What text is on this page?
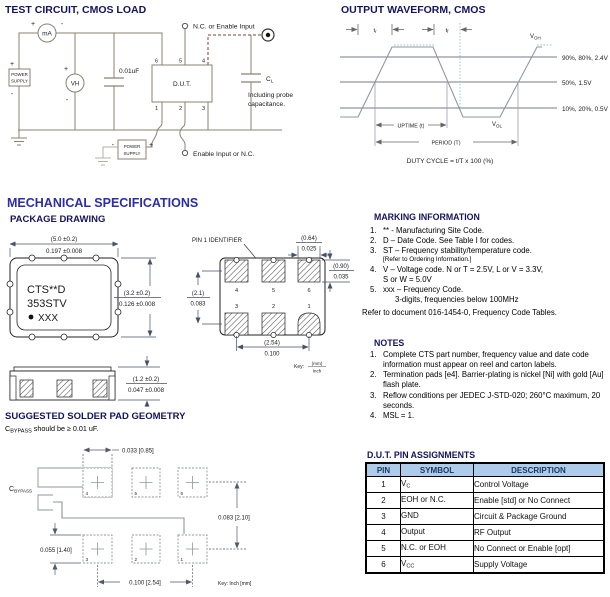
TEST CIRCUIT, CMOS LOAD
mA
+	-
POWER
SUPPLY
+
-
VH
+
-
0.01uF
D.U.T.
6	5	4
1	2	3
N.C. or Enable Input
$C_L$
Including probe
capacitance.
POWER
SUPPLY
-	+
Enable Input or N.C.
OUTPUT WAVEFORM, CMOS
$t_r$	$t_f$
$V_{OH}$
$V_{OL}$
90%, 80%, 2.4V
50%, 1.5V
10%, 20%, 0.5V
UPTIME (t)
PERIOD (T)
DUTY CYCLE = t/T x 100 (%)
MECHANICAL SPECIFICATIONS
PACKAGE DRAWING
(5.0 ±0.2)
0.197 ±0.008
CTS**D
353STV
XXX
(3.2 ±0.2)
0.126 ±0.008
(1.2 ±0.2)
0.047 ±0.008
PIN 1 IDENTIFIER
4	5	6
3	2	1
(0.64)
0.025
(0.90)
0.035
(2.1)
0.083
(2.54)
0.100
Key:
(mm)
Inch
SUGGESTED SOLDER PAD GEOMETRY
$C_{BYPASS}$ should be ≥ 0.01 uF.
4	5	6
3	2	1
CBYPASS
0.033 [0.85]
0.083 [2.10]
0.055 [1.40]
0.100 [2.54]	Key: Inch [mm]
MARKING INFORMATION
1. ** - Manufacturing Site Code.
2. D – Date Code. See Table I for codes.
3. ST – Frequency stability/temperature code.
[Refer to Ordering Information.]
4. V – Voltage code. N or T = 2.5V, L or V = 3.3V,
S or W = 5.0V
5. xxx – Frequency Code.
3-digits, frequencies below 100MHz
Refer to document 016-1454-0, Frequency Code Tables.
NOTES
1. Complete CTS part number, frequency value and date code information must appear on reel and carton labels.
2. Termination pads [e4]. Barrier-plating is nickel [Ni] with gold [Au] flash plate.
3. Reflow conditions per JEDEC J-STD-020; 260°C maximum, 20 seconds.
4. MSL = 1.
D.U.T. PIN ASSIGNMENTS
PIN	SYMBOL	DESCRIPTION
1	$V_C$	Control Voltage
2	EOH or N.C.	Enable [std] or No Connect
3	GND	Circuit & Package Ground
4	Output	RF Output
5	N.C. or EOH	No Connect or Enable [opt]
6	$V_{CC}$	Supply Voltage
